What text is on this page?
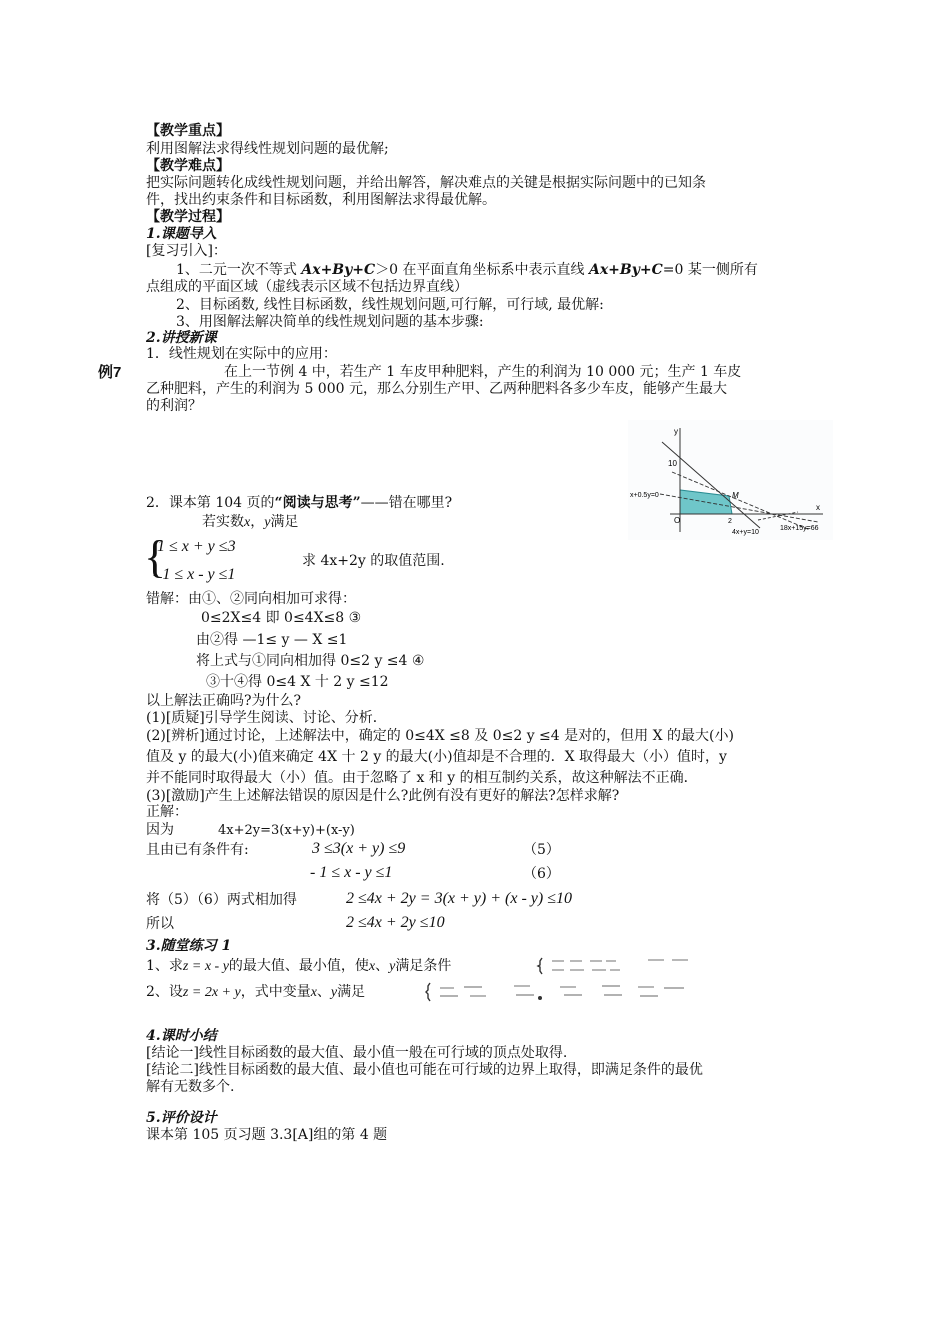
【教学重点】
利用图解法求得线性规划问题的最优解;
【教学难点】
把实际问题转化成线性规划问题，并给出解答，解决难点的关键是根据实际问题中的已知条
件，找出约束条件和目标函数，利用图解法求得最优解。
【教学过程】
1.课题导入
[复习引入]：
1、二元一次不等式 Ax+By+C＞0 在平面直角坐标系中表示直线 Ax+By+C=0 某一侧所有
点组成的平面区域（虚线表示区域不包括边界直线）
2、目标函数, 线性目标函数，线性规划问题,可行解，可行域, 最优解:
3、用图解法解决简单的线性规划问题的基本步骤:
2.讲授新课
1．线性规划在实际中的应用：
例7	在上一节例 4 中，若生产 1 车皮甲种肥料，产生的利润为 10 000 元；生产 1 车皮
乙种肥料，产生的利润为 5 000 元，那么分别生产甲、乙两种肥料各多少车皮，能够产生最大
的利润？
y
x
O
10
2
M
x+0.5y=0
4x+y=10
18x+15y=66
2．课本第 104 页的“阅读与思考”——错在哪里?
若实数x，y满足
{
1 ≤ x + y ≤3
- 1 ≤ x - y ≤1
求 4x+2y 的取值范围.
错解：由①、②同向相加可求得：
0≤2X≤4 即 0≤4X≤8 ③
由②得 —1≤ y — X ≤1
将上式与①同向相加得 0≤2 y ≤4 ④
③十④得 0≤4 X 十 2 y ≤12
以上解法正确吗?为什么?
(1)[质疑]引导学生阅读、讨论、分析．
(2)[辨析]通过讨论，上述解法中，确定的 0≤4X ≤8 及 0≤2 y ≤4 是对的，但用 X 的最大(小)
值及 y 的最大(小)值来确定 4X 十 2 y 的最大(小)值却是不合理的．X 取得最大（小）值时，y
并不能同时取得最大（小）值。由于忽略了 x 和 y 的相互制约关系，故这种解法不正确．
(3)[激励]产生上述解法错误的原因是什么?此例有没有更好的解法?怎样求解?
正解：
因为	4x+2y=3(x+y)+(x-y)
且由已有条件有:	3 ≤3(x + y) ≤9	（5）
- 1 ≤ x - y ≤1	（6）
将（5）（6）两式相加得	2 ≤4x + 2y = 3(x + y) + (x - y) ≤10
所以	2 ≤4x + 2y ≤10
3.随堂练习 1
1、求z = x - y的最大值、最小值，使x、y满足条件
2、设z = 2x + y，式中变量x、y满足
4.课时小结
[结论一]线性目标函数的最大值、最小值一般在可行域的顶点处取得.
[结论二]线性目标函数的最大值、最小值也可能在可行域的边界上取得，即满足条件的最优
解有无数多个.
5.评价设计
课本第 105 页习题 3.3[A]组的第 4 题
